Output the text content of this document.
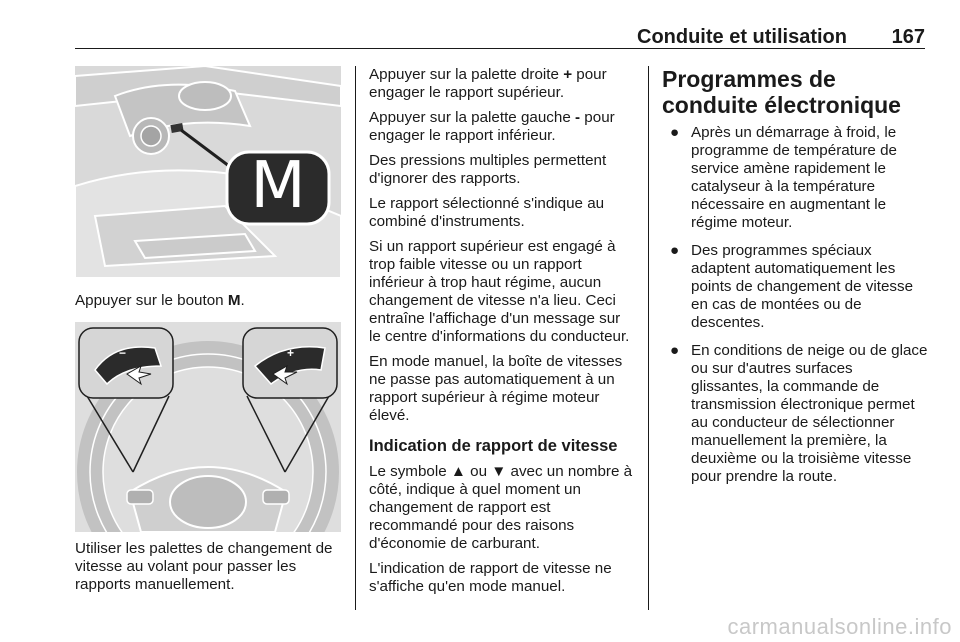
Conduite et utilisation 167
M

Appuyer sur le bouton M.

−	+

Utiliser les palettes de changement de vitesse au volant pour passer les rapports manuellement.

Appuyer sur la palette droite + pour engager le rapport supérieur.

Appuyer sur la palette gauche - pour engager le rapport inférieur.

Des pressions multiples permettent d'ignorer des rapports.

Le rapport sélectionné s'indique au combiné d'instruments.

Si un rapport supérieur est engagé à trop faible vitesse ou un rapport inférieur à trop haut régime, aucun changement de vitesse n'a lieu. Ceci entraîne l'affichage d'un message sur le centre d'informations du conducteur.

En mode manuel, la boîte de vitesses ne passe pas automatiquement à un rapport supérieur à régime moteur élevé.

Indication de rapport de vitesse

Le symbole ▲ ou ▼ avec un nombre à côté, indique à quel moment un changement de rapport est recommandé pour des raisons d'économie de carburant.

L'indication de rapport de vitesse ne s'affiche qu'en mode manuel.

Programmes de conduite électronique
● Après un démarrage à froid, le programme de température de service amène rapidement le catalyseur à la température nécessaire en augmentant le régime moteur.
● Des programmes spéciaux adaptent automatiquement les points de changement de vitesse en cas de montées ou de descentes.
● En conditions de neige ou de glace ou sur d'autres surfaces glissantes, la commande de transmission électronique permet au conducteur de sélectionner manuellement la première, la deuxième ou la troisième vitesse pour prendre la route.
carmanualsonline.info
